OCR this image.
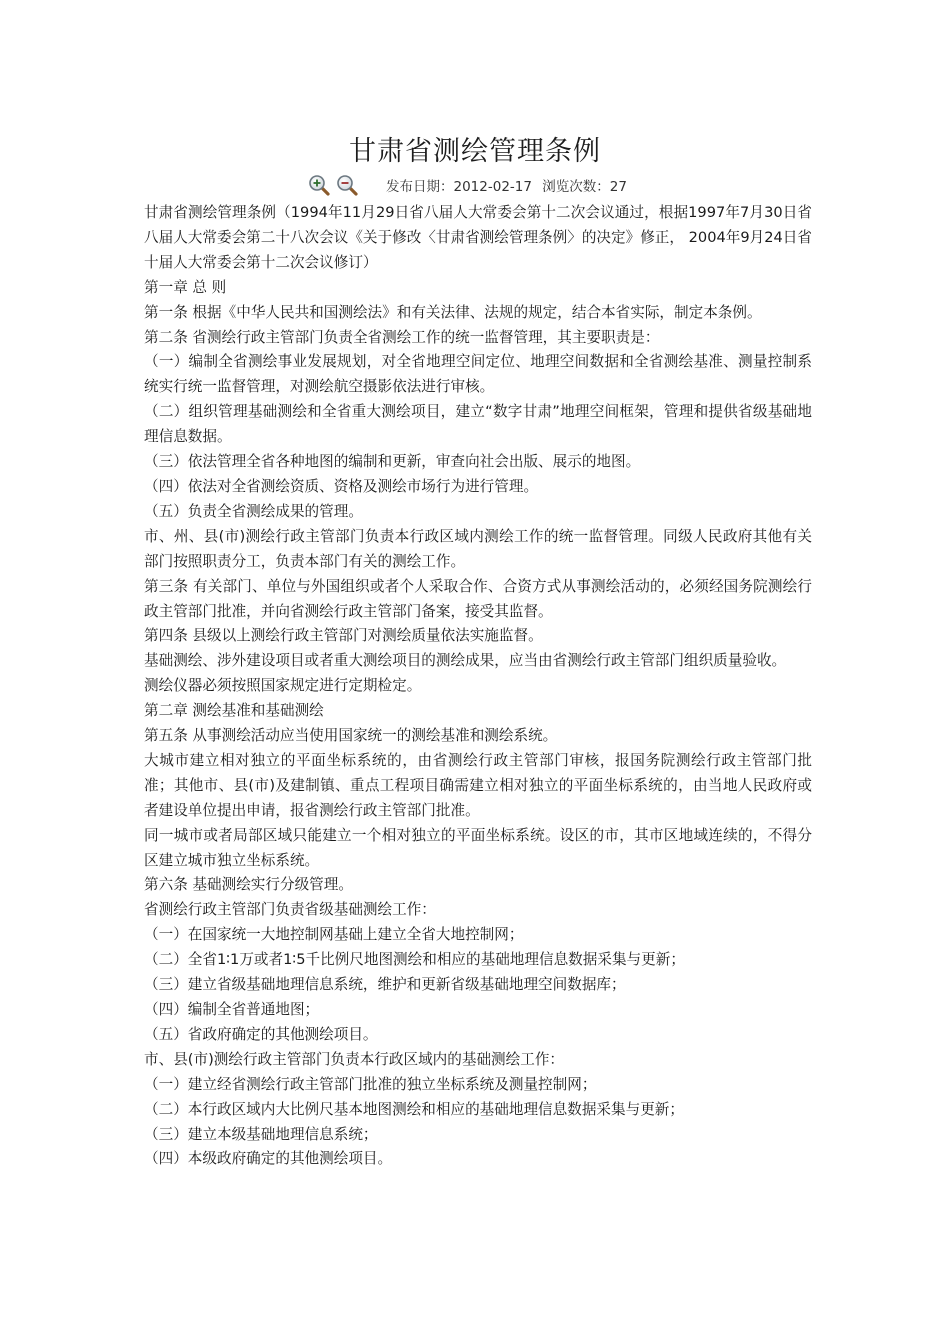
甘肃省测绘管理条例
发布日期：2012-02-17 浏览次数：27

甘肃省测绘管理条例（1994年11月29日省八届人大常委会第十二次会议通过，根据1997年7月30日省八届人大常委会第二十八次会议《关于修改〈甘肃省测绘管理条例〉的决定》修正， 2004年9月24日省十届人大常委会第十二次会议修订）

第一章 总 则

第一条 根据《中华人民共和国测绘法》和有关法律、法规的规定，结合本省实际，制定本条例。

第二条 省测绘行政主管部门负责全省测绘工作的统一监督管理，其主要职责是：

（一）编制全省测绘事业发展规划，对全省地理空间定位、地理空间数据和全省测绘基准、测量控制系统实行统一监督管理，对测绘航空摄影依法进行审核。

（二）组织管理基础测绘和全省重大测绘项目，建立“数字甘肃”地理空间框架，管理和提供省级基础地理信息数据。

（三）依法管理全省各种地图的编制和更新，审查向社会出版、展示的地图。

（四）依法对全省测绘资质、资格及测绘市场行为进行管理。

（五）负责全省测绘成果的管理。

市、州、县(市)测绘行政主管部门负责本行政区域内测绘工作的统一监督管理。同级人民政府其他有关部门按照职责分工，负责本部门有关的测绘工作。

第三条 有关部门、单位与外国组织或者个人采取合作、合资方式从事测绘活动的，必须经国务院测绘行政主管部门批准，并向省测绘行政主管部门备案，接受其监督。

第四条 县级以上测绘行政主管部门对测绘质量依法实施监督。

基础测绘、涉外建设项目或者重大测绘项目的测绘成果，应当由省测绘行政主管部门组织质量验收。

测绘仪器必须按照国家规定进行定期检定。

第二章 测绘基准和基础测绘

第五条 从事测绘活动应当使用国家统一的测绘基准和测绘系统。

大城市建立相对独立的平面坐标系统的，由省测绘行政主管部门审核，报国务院测绘行政主管部门批准；其他市、县(市)及建制镇、重点工程项目确需建立相对独立的平面坐标系统的，由当地人民政府或者建设单位提出申请，报省测绘行政主管部门批准。

同一城市或者局部区域只能建立一个相对独立的平面坐标系统。设区的市，其市区地域连续的，不得分区建立城市独立坐标系统。

第六条 基础测绘实行分级管理。

省测绘行政主管部门负责省级基础测绘工作：

（一）在国家统一大地控制网基础上建立全省大地控制网；

（二）全省1∶1万或者1∶5千比例尺地图测绘和相应的基础地理信息数据采集与更新；

（三）建立省级基础地理信息系统，维护和更新省级基础地理空间数据库；

（四）编制全省普通地图；

（五）省政府确定的其他测绘项目。

市、县(市)测绘行政主管部门负责本行政区域内的基础测绘工作：

（一）建立经省测绘行政主管部门批准的独立坐标系统及测量控制网；

（二）本行政区域内大比例尺基本地图测绘和相应的基础地理信息数据采集与更新；

（三）建立本级基础地理信息系统；

（四）本级政府确定的其他测绘项目。
